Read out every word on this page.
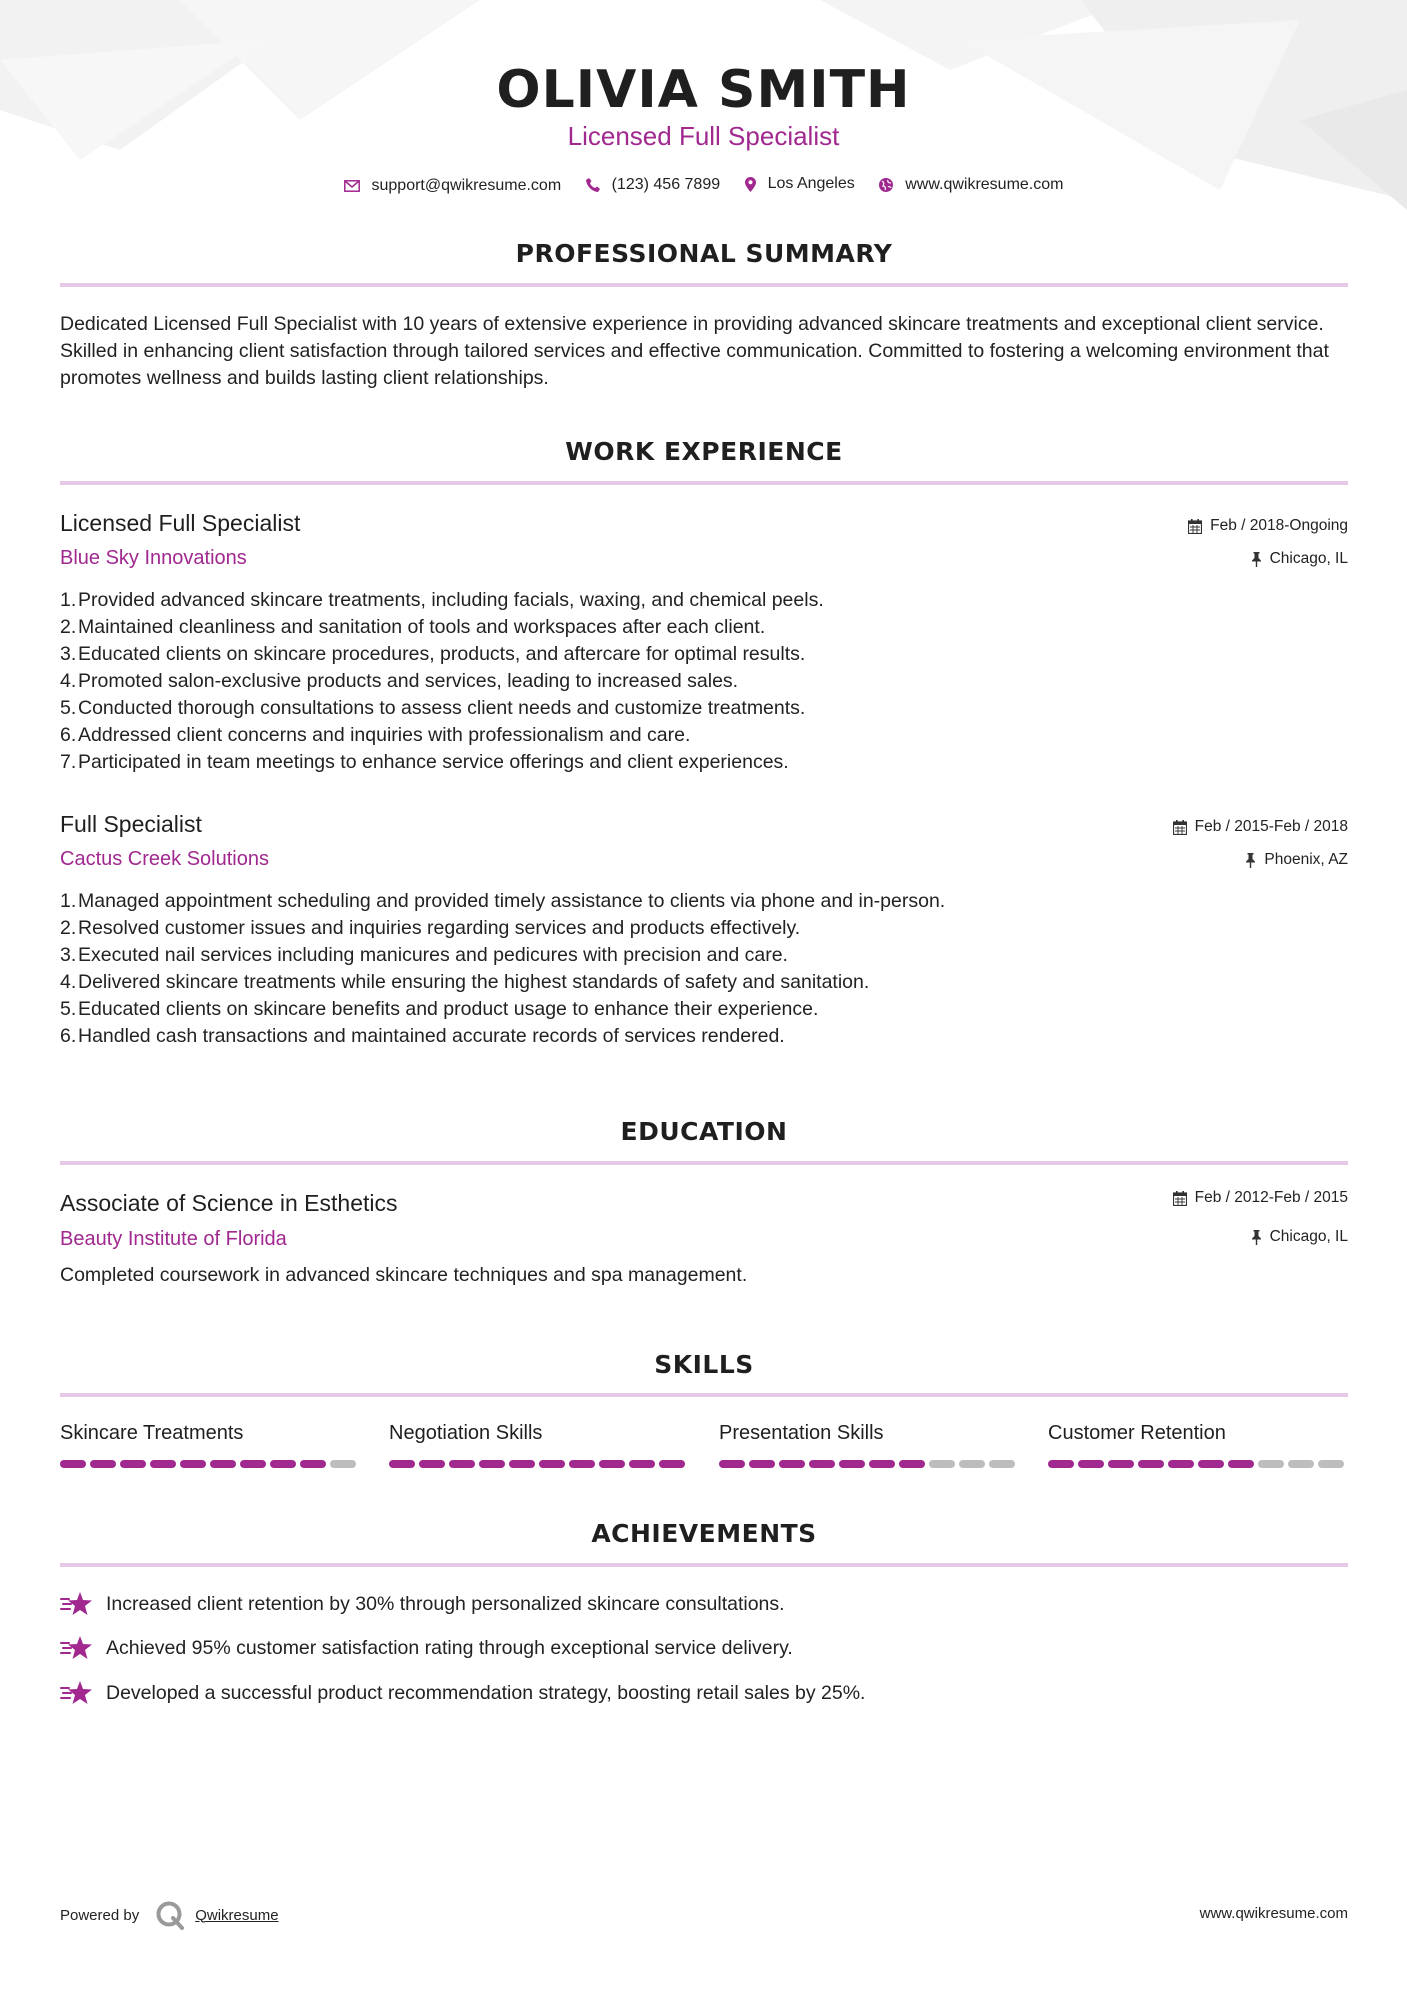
OLIVIA SMITH
Licensed Full Specialist
support@qwikresume.com
	(123) 456 7899
	Los Angeles
	www.qwikresume.com
PROFESSIONAL SUMMARY
Dedicated Licensed Full Specialist with 10 years of extensive experience in providing advanced skincare treatments and exceptional client service. Skilled in enhancing client satisfaction through tailored services and effective communication. Committed to fostering a welcoming environment that promotes wellness and builds lasting client relationships.
WORK EXPERIENCE
Licensed Full Specialist
Blue Sky Innovations
Feb / 2018-Ongoing
Chicago, IL
1. Provided advanced skincare treatments, including facials, waxing, and chemical peels.
2. Maintained cleanliness and sanitation of tools and workspaces after each client.
3. Educated clients on skincare procedures, products, and aftercare for optimal results.
4. Promoted salon-exclusive products and services, leading to increased sales.
5. Conducted thorough consultations to assess client needs and customize treatments.
6. Addressed client concerns and inquiries with professionalism and care.
7. Participated in team meetings to enhance service offerings and client experiences.
Full Specialist
Cactus Creek Solutions
Feb / 2015-Feb / 2018
Phoenix, AZ
1. Managed appointment scheduling and provided timely assistance to clients via phone and in-person.
2. Resolved customer issues and inquiries regarding services and products effectively.
3. Executed nail services including manicures and pedicures with precision and care.
4. Delivered skincare treatments while ensuring the highest standards of safety and sanitation.
5. Educated clients on skincare benefits and product usage to enhance their experience.
6. Handled cash transactions and maintained accurate records of services rendered.
EDUCATION
Associate of Science in Esthetics
Beauty Institute of Florida
Feb / 2012-Feb / 2015
Chicago, IL
Completed coursework in advanced skincare techniques and spa management.
SKILLS
Skincare Treatments	Negotiation Skills	Presentation Skills	Customer Retention
ACHIEVEMENTS
Increased client retention by 30% through personalized skincare consultations.
Achieved 95% customer satisfaction rating through exceptional service delivery.
Developed a successful product recommendation strategy, boosting retail sales by 25%.
Powered by	Qwikresume	www.qwikresume.com
